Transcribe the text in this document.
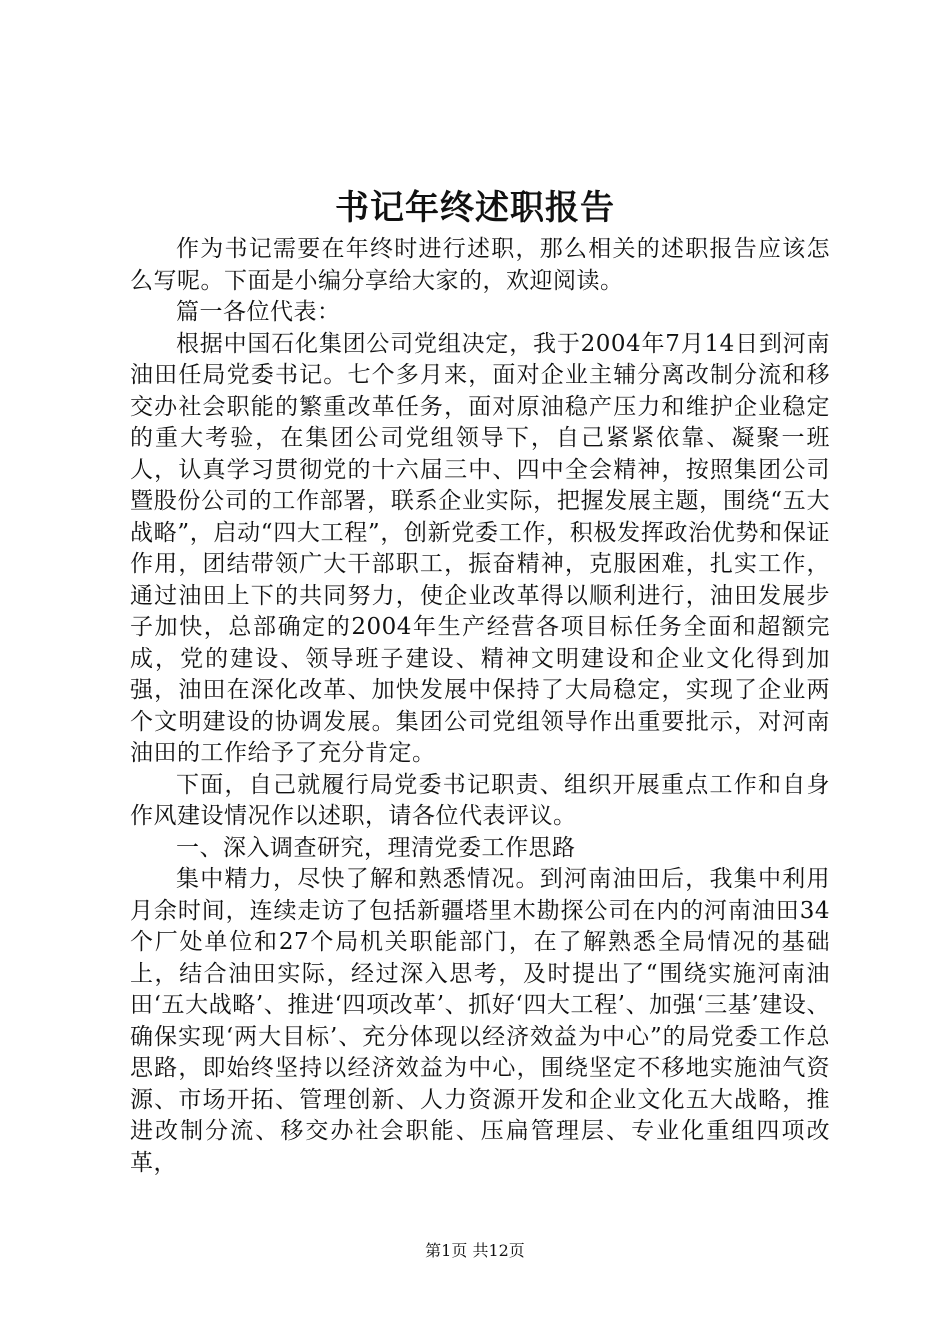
书记年终述职报告

作为书记需要在年终时进行述职，那么相关的述职报告应该怎么写呢。下面是小编分享给大家的，欢迎阅读。

篇一各位代表：

根据中国石化集团公司党组决定，我于2004年7月14日到河南油田任局党委书记。七个多月来，面对企业主辅分离改制分流和移交办社会职能的繁重改革任务，面对原油稳产压力和维护企业稳定的重大考验，在集团公司党组领导下，自己紧紧依靠、凝聚一班人，认真学习贯彻党的十六届三中、四中全会精神，按照集团公司暨股份公司的工作部署，联系企业实际，把握发展主题，围绕“五大战略”，启动“四大工程”，创新党委工作，积极发挥政治优势和保证作用，团结带领广大干部职工，振奋精神，克服困难，扎实工作，通过油田上下的共同努力，使企业改革得以顺利进行，油田发展步子加快，总部确定的2004年生产经营各项目标任务全面和超额完成，党的建设、领导班子建设、精神文明建设和企业文化得到加强，油田在深化改革、加快发展中保持了大局稳定，实现了企业两个文明建设的协调发展。集团公司党组领导作出重要批示，对河南油田的工作给予了充分肯定。

下面，自己就履行局党委书记职责、组织开展重点工作和自身作风建设情况作以述职，请各位代表评议。

一、深入调查研究，理清党委工作思路

集中精力，尽快了解和熟悉情况。到河南油田后，我集中利用月余时间，连续走访了包括新疆塔里木勘探公司在内的河南油田34个厂处单位和27个局机关职能部门，在了解熟悉全局情况的基础上，结合油田实际，经过深入思考，及时提出了“围绕实施河南油田‘五大战略’、推进‘四项改革’、抓好‘四大工程’、加强‘三基’建设、确保实现‘两大目标’、充分体现以经济效益为中心”的局党委工作总思路，即始终坚持以经济效益为中心，围绕坚定不移地实施油气资源、市场开拓、管理创新、人力资源开发和企业文化五大战略，推进改制分流、移交办社会职能、压扁管理层、专业化重组四项改革，

第1页 共12页
